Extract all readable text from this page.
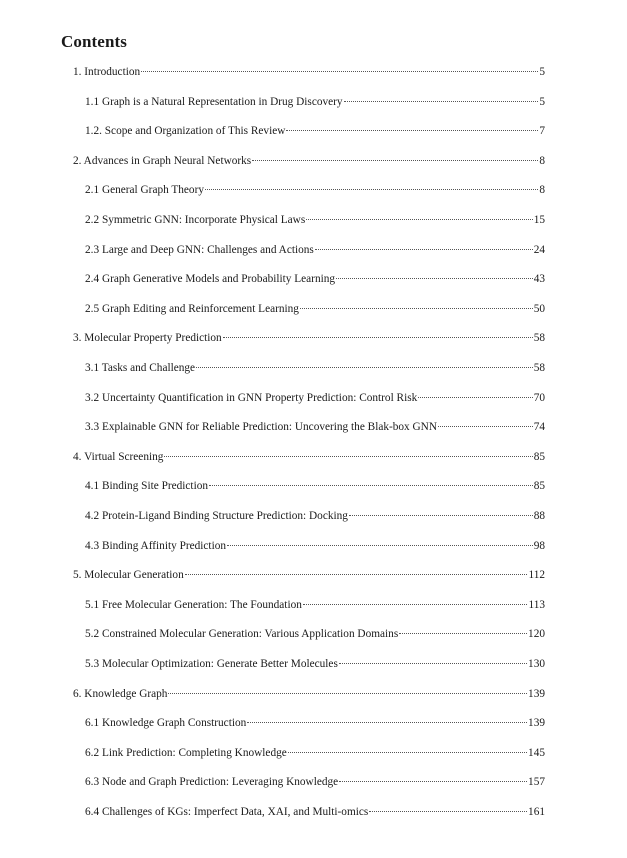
Contents
1. Introduction	5
1.1 Graph is a Natural Representation in Drug Discovery	5
1.2. Scope and Organization of This Review	7
2. Advances in Graph Neural Networks	8
2.1 General Graph Theory	8
2.2 Symmetric GNN: Incorporate Physical Laws	15
2.3 Large and Deep GNN: Challenges and Actions	24
2.4 Graph Generative Models and Probability Learning	43
2.5 Graph Editing and Reinforcement Learning	50
3. Molecular Property Prediction	58
3.1 Tasks and Challenge	58
3.2 Uncertainty Quantification in GNN Property Prediction: Control Risk	70
3.3 Explainable GNN for Reliable Prediction: Uncovering the Blak-box GNN	74
4. Virtual Screening	85
4.1 Binding Site Prediction	85
4.2 Protein-Ligand Binding Structure Prediction: Docking	88
4.3 Binding Affinity Prediction	98
5. Molecular Generation	112
5.1 Free Molecular Generation: The Foundation	113
5.2 Constrained Molecular Generation: Various Application Domains	120
5.3 Molecular Optimization: Generate Better Molecules	130
6. Knowledge Graph	139
6.1 Knowledge Graph Construction	139
6.2 Link Prediction: Completing Knowledge	145
6.3 Node and Graph Prediction: Leveraging Knowledge	157
6.4 Challenges of KGs: Imperfect Data, XAI, and Multi-omics	161
